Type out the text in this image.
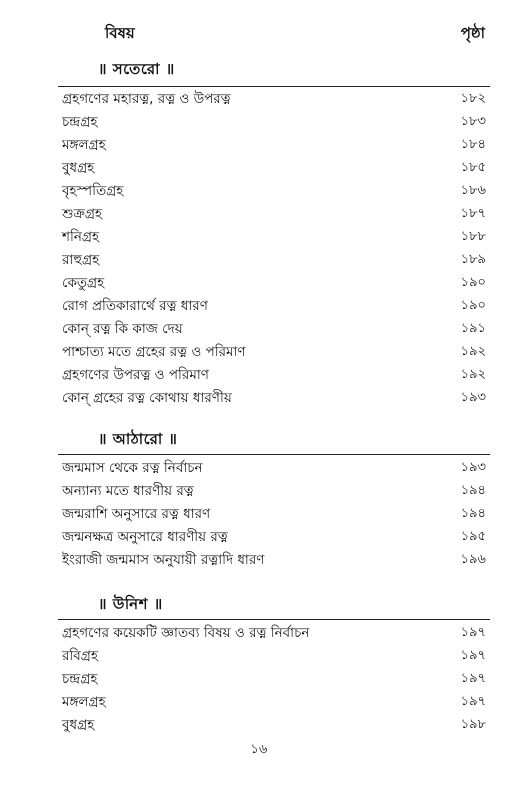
বিষয়	পৃষ্ঠা
॥ সতেরো ॥
গ্রহগণের মহারত্ন, রত্ন ও উপরত্ন	১৮২
চন্দ্রগ্রহ	১৮৩
মঙ্গলগ্রহ	১৮৪
বুধগ্রহ	১৮৫
বৃহস্পতিগ্রহ	১৮৬
শুক্রগ্রহ	১৮৭
শনিগ্রহ	১৮৮
রাহুগ্রহ	১৮৯
কেতুগ্রহ	১৯০
রোগ প্রতিকারার্থে রত্ন ধারণ	১৯০
কোন্ রত্ন কি কাজ দেয়	১৯১
পাশ্চাত্য মতে গ্রহের রত্ন ও পরিমাণ	১৯২
গ্রহগণের উপরত্ন ও পরিমাণ	১৯২
কোন্ গ্রহের রত্ন কোথায় ধারণীয়	১৯৩
॥ আঠারো ॥
জন্মমাস থেকে রত্ন নির্বাচন	১৯৩
অন্যান্য মতে ধারণীয় রত্ন	১৯৪
জন্মরাশি অনুসারে রত্ন ধারণ	১৯৪
জন্মনক্ষত্র অনুসারে ধারণীয় রত্ন	১৯৫
ইংরাজী জন্মমাস অনুযায়ী রত্নাদি ধারণ	১৯৬
॥ উনিশ ॥
গ্রহগণের কয়েকটি জ্ঞাতব্য বিষয় ও রত্ন নির্বাচন	১৯৭
রবিগ্রহ	১৯৭
চন্দ্রগ্রহ	১৯৭
মঙ্গলগ্রহ	১৯৭
বুধগ্রহ	১৯৮
১৬
